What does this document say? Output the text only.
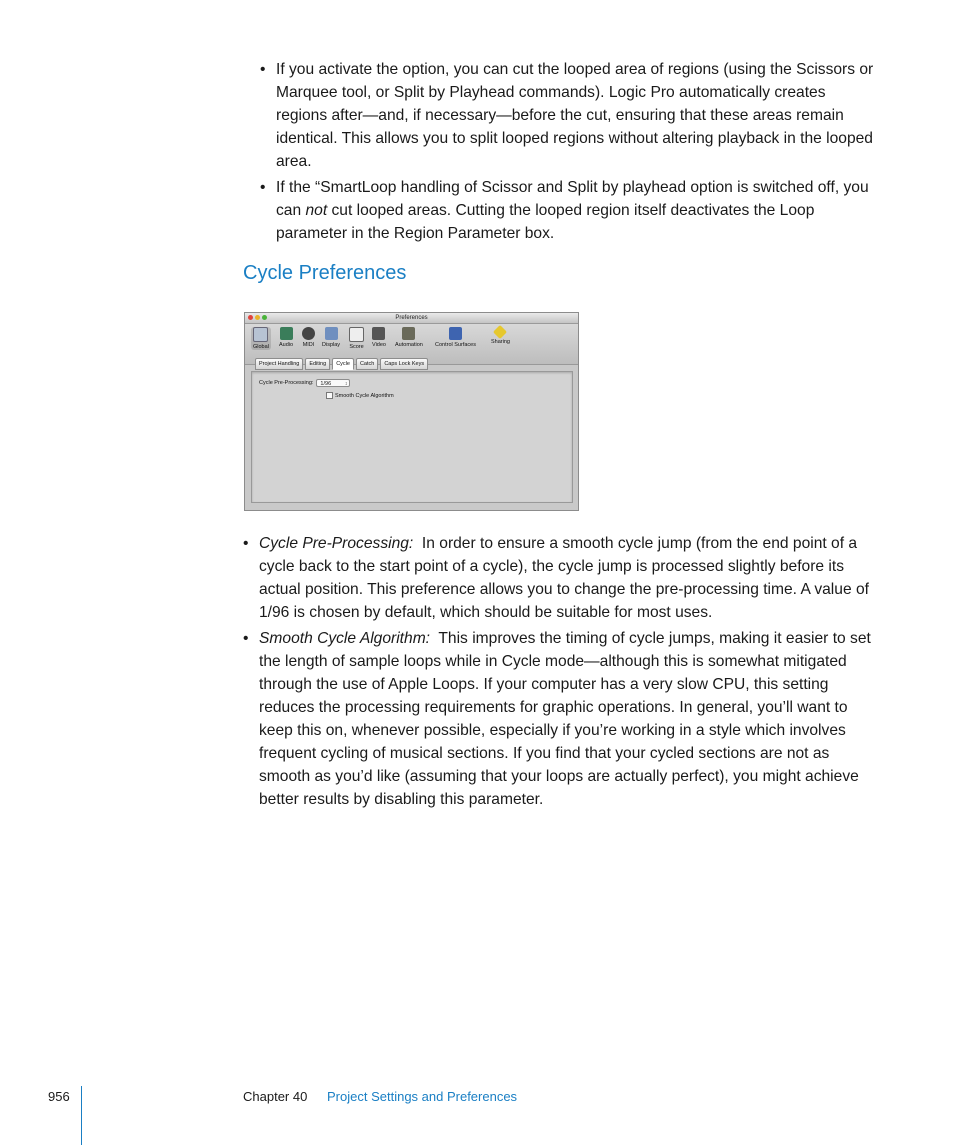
• If you activate the option, you can cut the looped area of regions (using the Scissors or Marquee tool, or Split by Playhead commands). Logic Pro automatically creates regions after—and, if necessary—before the cut, ensuring that these areas remain identical. This allows you to split looped regions without altering playback in the looped area.
• If the “SmartLoop handling of Scissor and Split by playhead option is switched off, you can not cut looped areas. Cutting the looped region itself deactivates the Loop parameter in the Region Parameter box.
Cycle Preferences
Preferences
Global	Audio MIDI Display Score Video Automation Control Surfaces	Sharing
Project Handling	Editing	Cycle	Catch	Caps Lock Keys
Cycle Pre-Processing:	1/96	↕
Smooth Cycle Algorithm
• Cycle Pre-Processing:  In order to ensure a smooth cycle jump (from the end point of a cycle back to the start point of a cycle), the cycle jump is processed slightly before its actual position. This preference allows you to change the pre-processing time. A value of 1/96 is chosen by default, which should be suitable for most uses.
• Smooth Cycle Algorithm:  This improves the timing of cycle jumps, making it easier to set the length of sample loops while in Cycle mode—although this is somewhat mitigated through the use of Apple Loops. If your computer has a very slow CPU, this setting reduces the processing requirements for graphic operations. In general, you’ll want to keep this on, whenever possible, especially if you’re working in a style which involves frequent cycling of musical sections. If you find that your cycled sections are not as smooth as you’d like (assuming that your loops are actually perfect), you might achieve better results by disabling this parameter.
956	Chapter 40 Project Settings and Preferences
